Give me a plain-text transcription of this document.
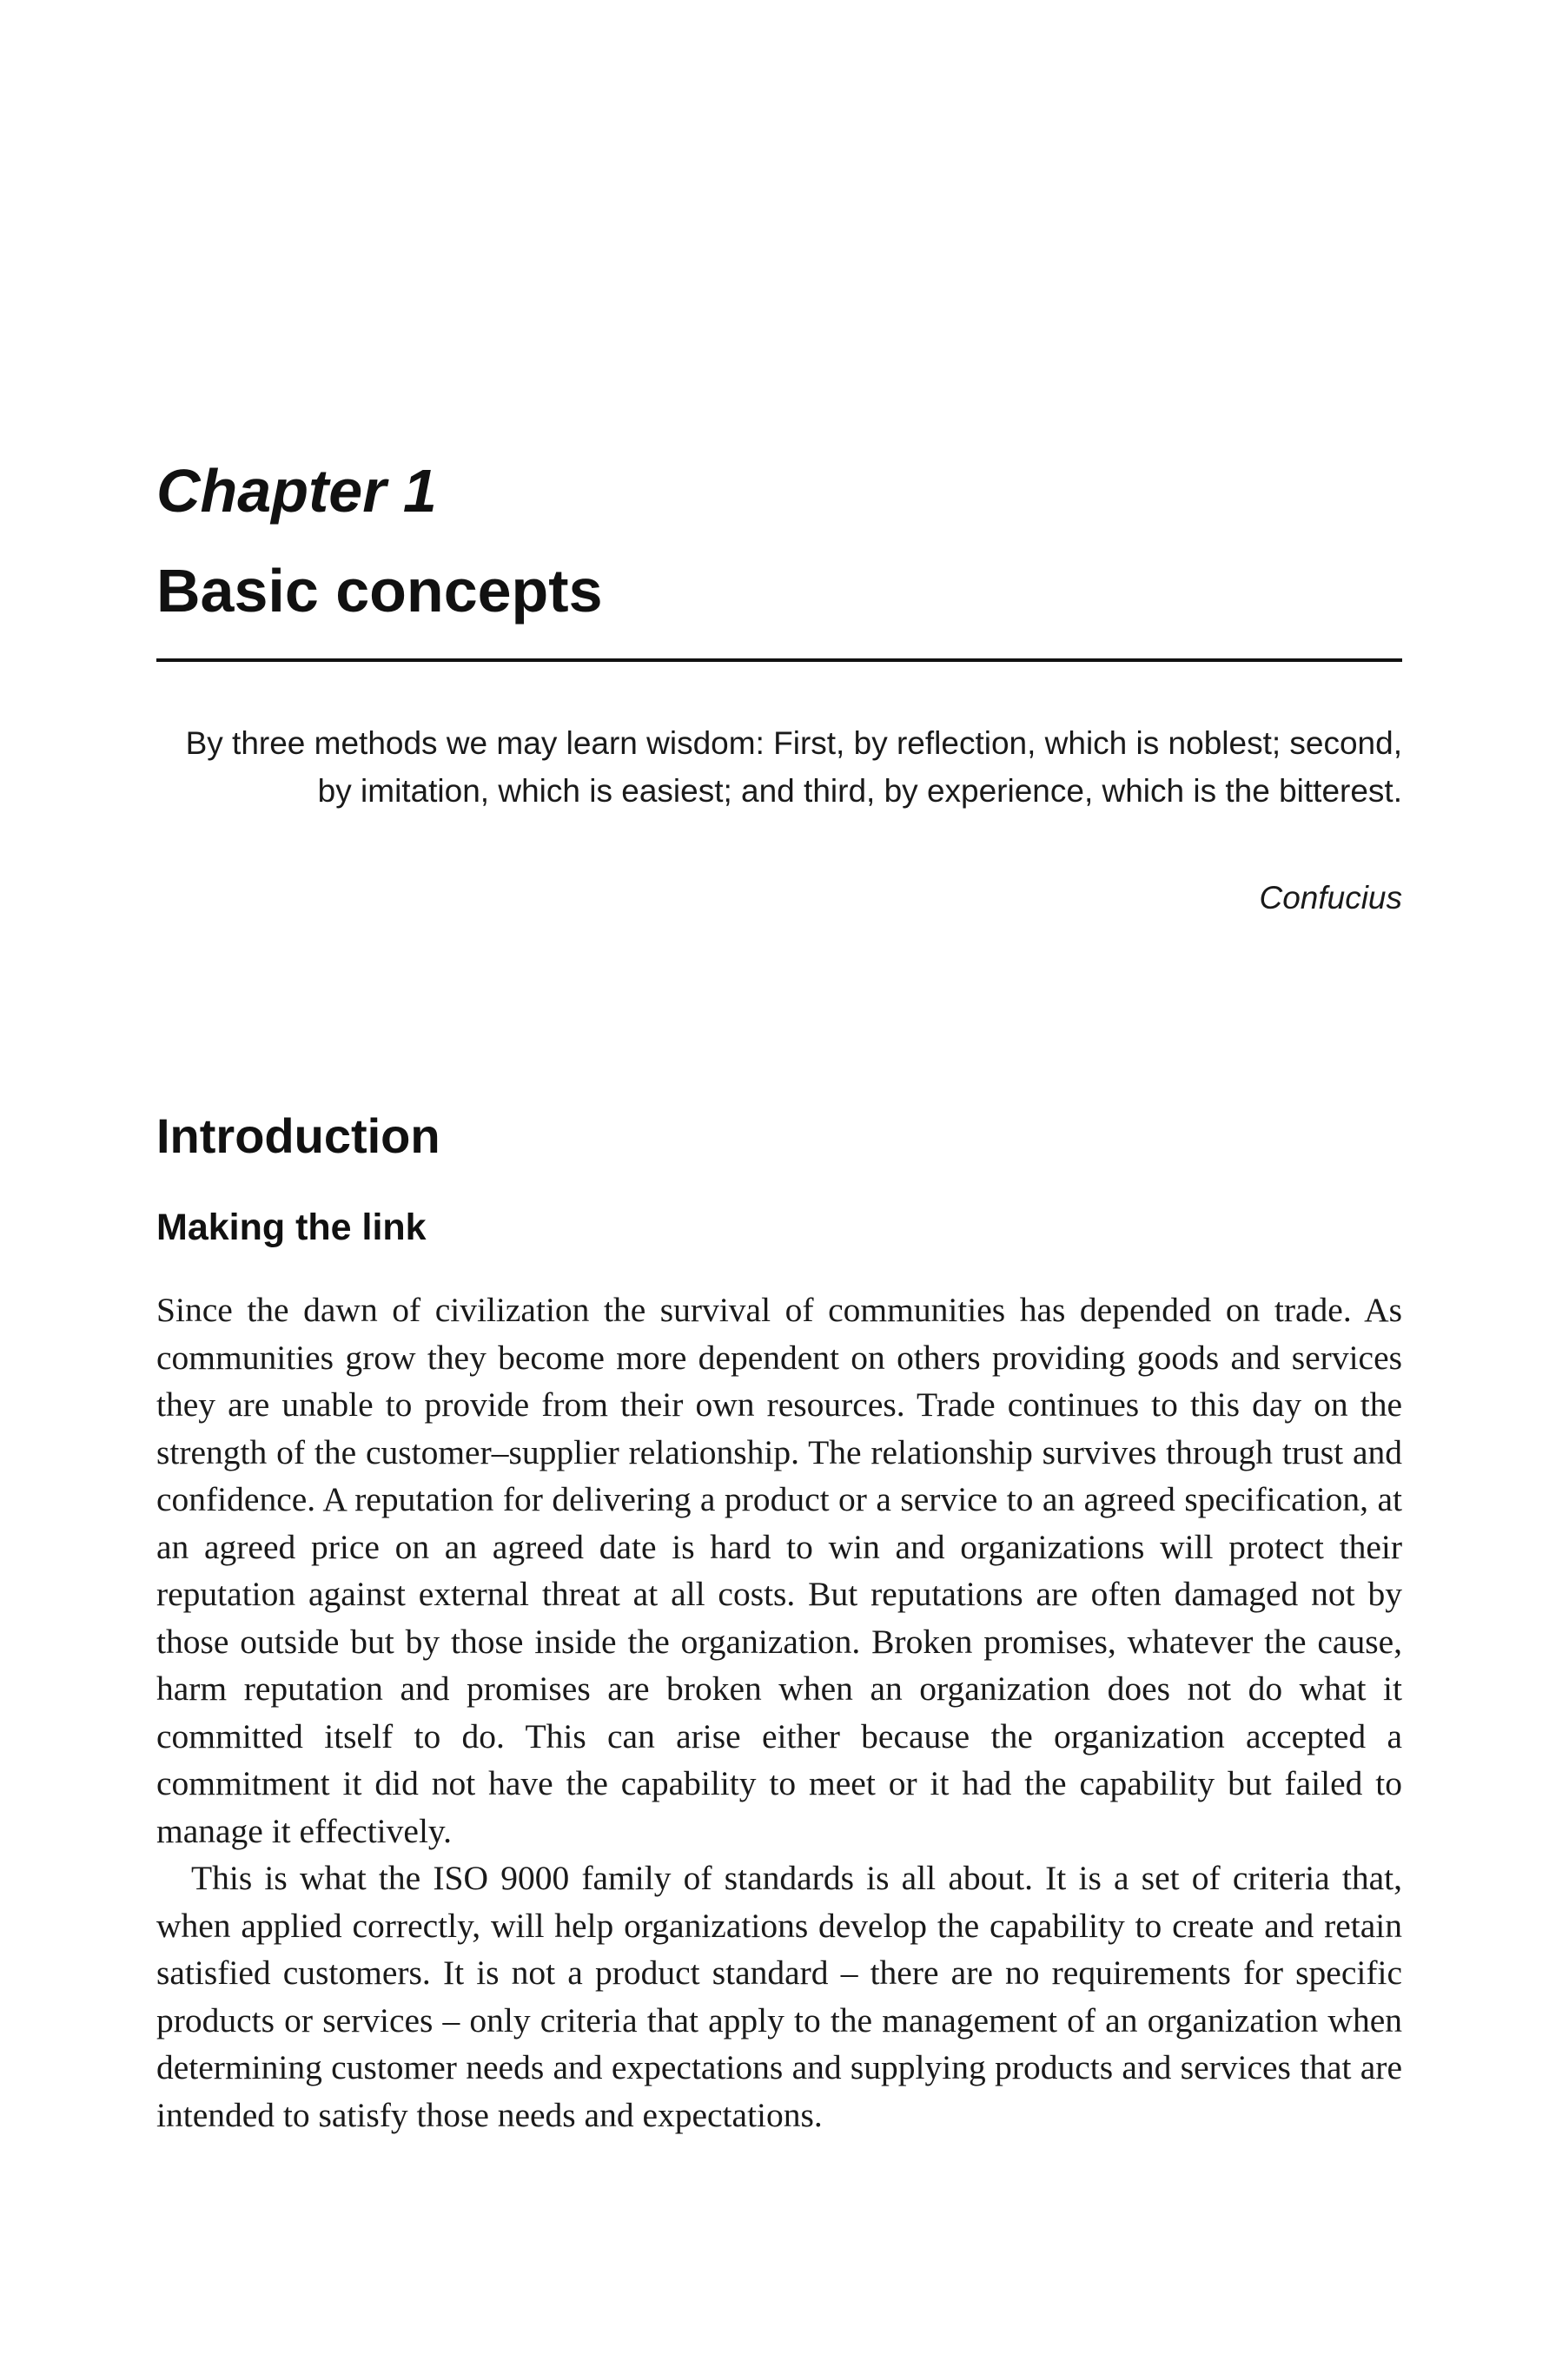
Chapter 1
Basic concepts

By three methods we may learn wisdom: First, by reflection, which is noblest; second, by imitation, which is easiest; and third, by experience, which is the bitterest.

Confucius

Introduction
Making the link

Since the dawn of civilization the survival of communities has depended on trade. As communities grow they become more dependent on others providing goods and services they are unable to provide from their own resources. Trade continues to this day on the strength of the customer–supplier relationship. The relationship survives through trust and confidence. A reputation for delivering a product or a service to an agreed specification, at an agreed price on an agreed date is hard to win and organizations will protect their reputation against external threat at all costs. But reputations are often damaged not by those outside but by those inside the organization. Broken promises, whatever the cause, harm reputation and promises are broken when an organization does not do what it committed itself to do. This can arise either because the organization accepted a commitment it did not have the capability to meet or it had the capability but failed to manage it effectively.

This is what the ISO 9000 family of standards is all about. It is a set of criteria that, when applied correctly, will help organizations develop the capability to create and retain satisfied customers. It is not a product standard – there are no requirements for specific products or services – only criteria that apply to the management of an organization when determining customer needs and expectations and supplying products and services that are intended to satisfy those needs and expectations.
